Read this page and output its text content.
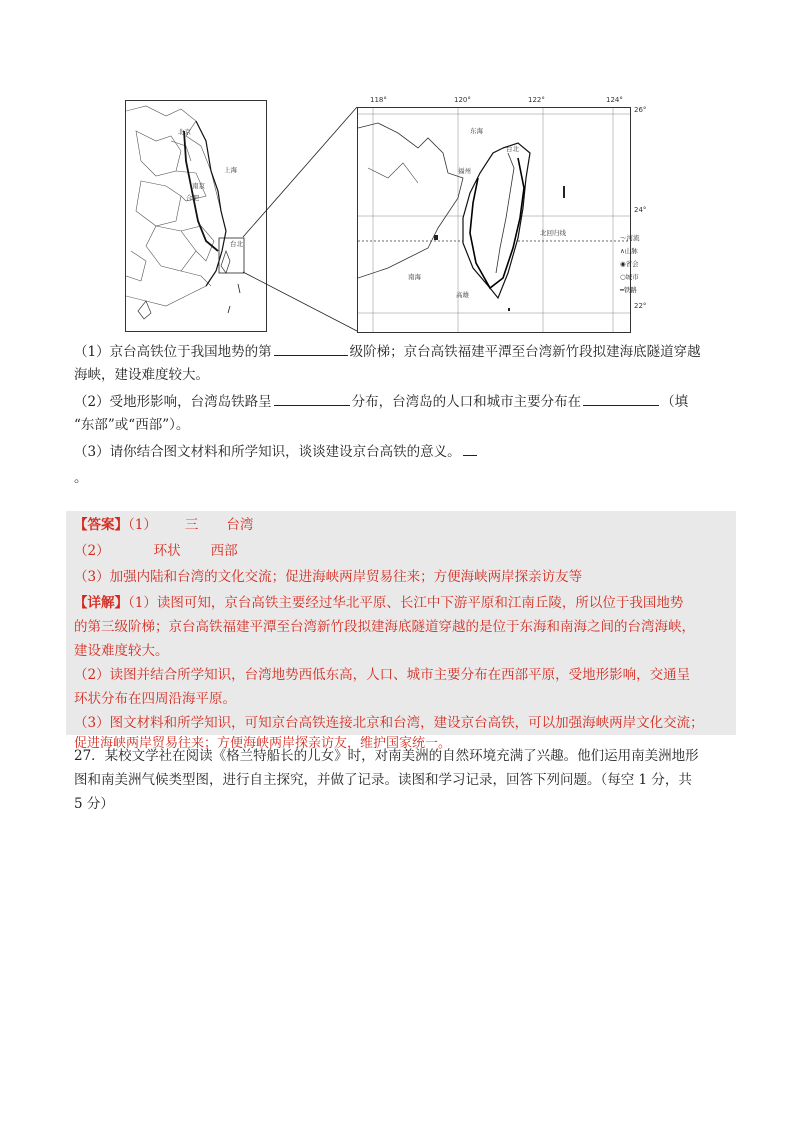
北京
南京
合肥
上海
台北
118°	120°	122°	124°
26°
24°
22°
东海
台北
福州
南海
高雄
北回归线
〜河流
∧山脉
◉省会
○城市
━铁路
（1）京台高铁位于我国地势的第	级阶梯；京台高铁福建平潭至台湾新竹段拟建海底隧道穿越
海峡，建设难度较大。
（2）受地形影响，台湾岛铁路呈	分布，台湾岛的人口和城市主要分布在	（填
“东部”或“西部”）。
（3）请你结合图文材料和所学知识，谈谈建设京台高铁的意义。
。
【答案】（1） 三 台湾
（2）	环状 西部
（3）加强内陆和台湾的文化交流；促进海峡两岸贸易往来；方便海峡两岸探亲访友等
【详解】（1）读图可知，京台高铁主要经过华北平原、长江中下游平原和江南丘陵，所以位于我国地势
的第三级阶梯；京台高铁福建平潭至台湾新竹段拟建海底隧道穿越的是位于东海和南海之间的台湾海峡，
建设难度较大。
（2）读图并结合所学知识，台湾地势西低东高，人口、城市主要分布在西部平原，受地形影响，交通呈
环状分布在四周沿海平原。
（3）图文材料和所学知识，可知京台高铁连接北京和台湾，建设京台高铁，可以加强海峡两岸文化交流；
促进海峡两岸贸易往来；方便海峡两岸探亲访友，维护国家统一。
27．某校文学社在阅读《格兰特船长的儿女》时，对南美洲的自然环境充满了兴趣。他们运用南美洲地形
图和南美洲气候类型图，进行自主探究，并做了记录。读图和学习记录，回答下列问题。（每空 1 分，共
5 分）
